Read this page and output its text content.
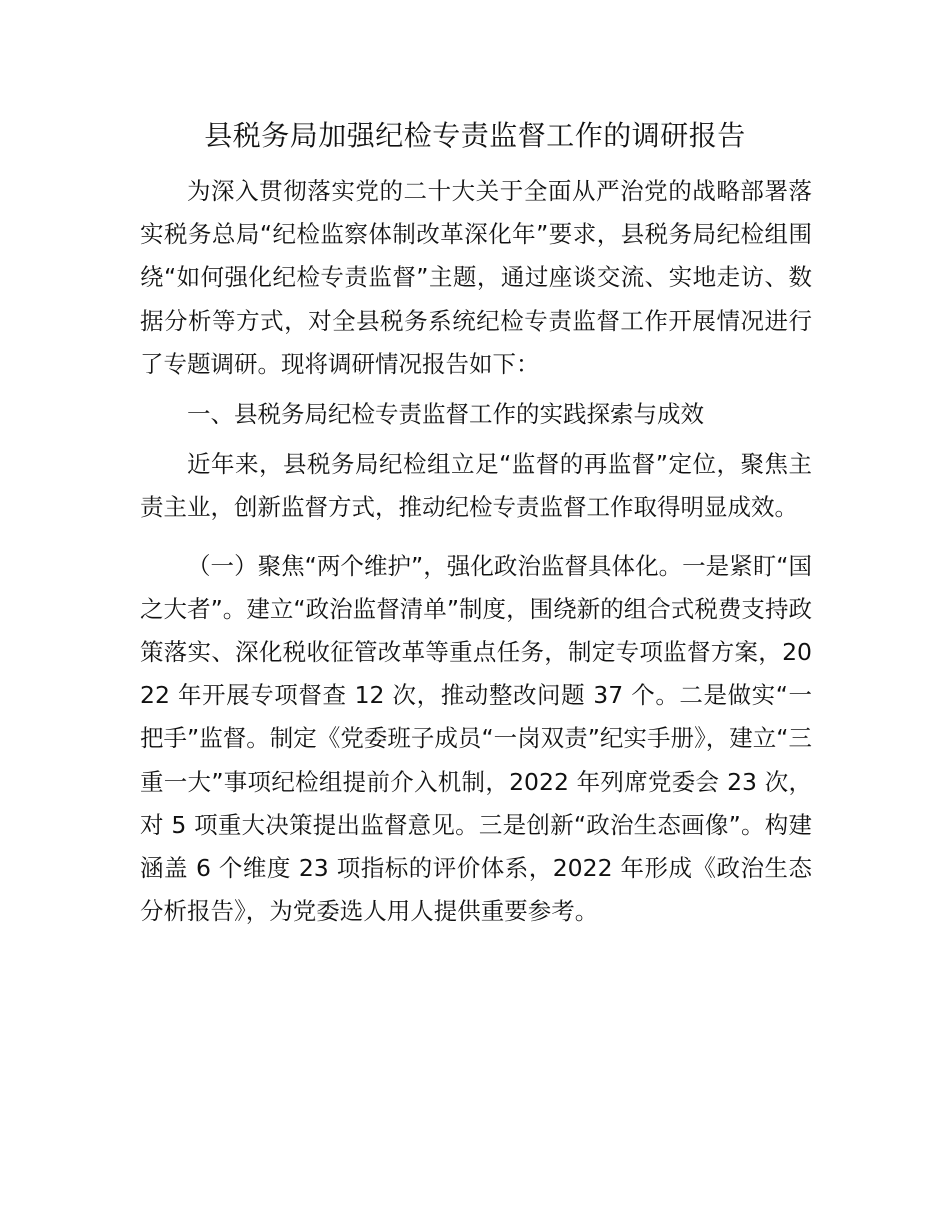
县税务局加强纪检专责监督工作的调研报告

为深入贯彻落实党的二十大关于全面从严治党的战略部署落实税务总局“纪检监察体制改革深化年”要求，县税务局纪检组围绕“如何强化纪检专责监督”主题，通过座谈交流、实地走访、数据分析等方式，对全县税务系统纪检专责监督工作开展情况进行了专题调研。现将调研情况报告如下：

一、县税务局纪检专责监督工作的实践探索与成效

近年来，县税务局纪检组立足“监督的再监督”定位，聚焦主责主业，创新监督方式，推动纪检专责监督工作取得明显成效。

（一）聚焦“两个维护”，强化政治监督具体化。一是紧盯“国之大者”。建立“政治监督清单”制度，围绕新的组合式税费支持政策落实、深化税收征管改革等重点任务，制定专项监督方案，2022 年开展专项督查 12 次，推动整改问题 37 个。二是做实“一把手”监督。制定《党委班子成员“一岗双责”纪实手册》，建立“三重一大”事项纪检组提前介入机制，2022 年列席党委会 23 次，对 5 项重大决策提出监督意见。三是创新“政治生态画像”。构建涵盖 6 个维度 23 项指标的评价体系，2022 年形成《政治生态分析报告》，为党委选人用人提供重要参考。
